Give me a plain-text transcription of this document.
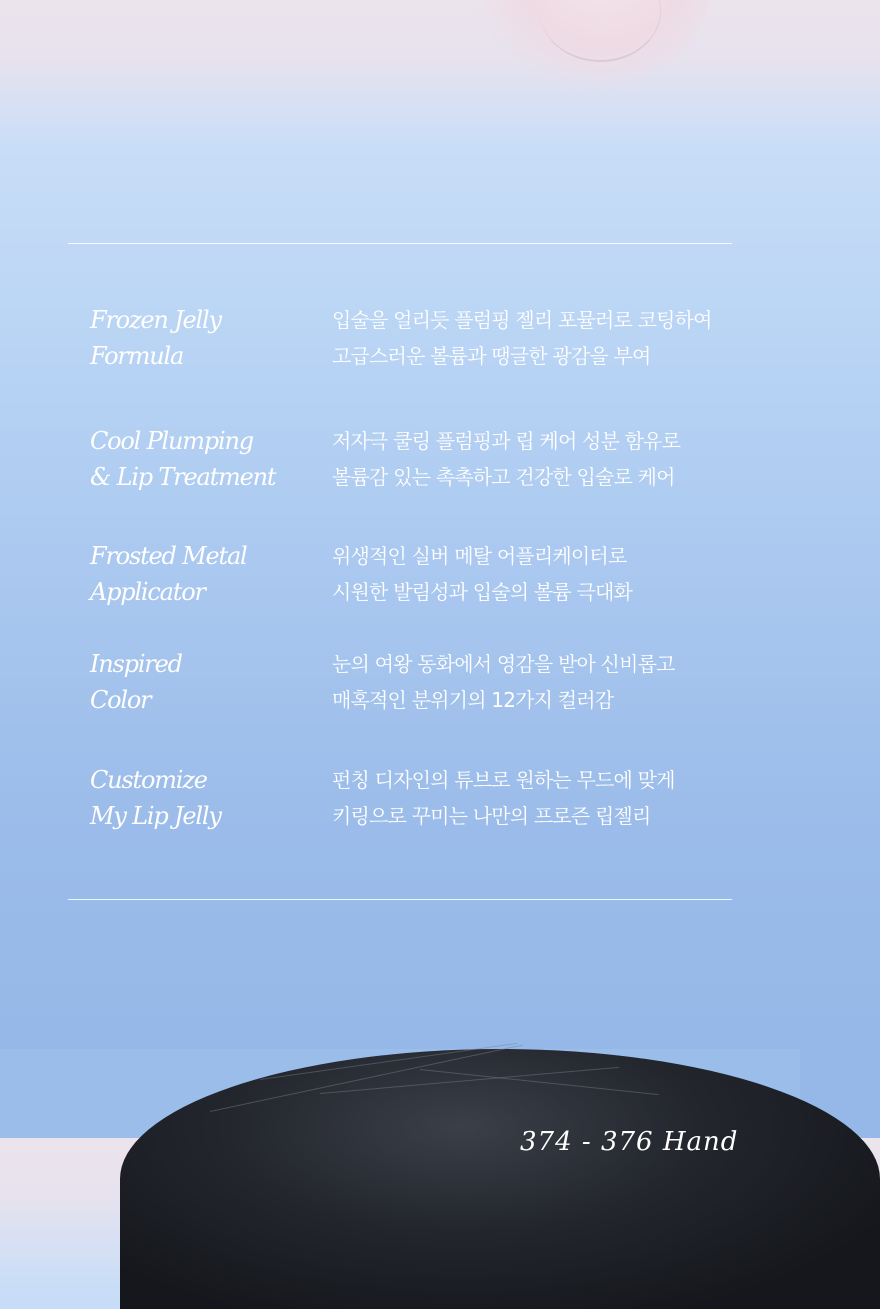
Frozen Jelly
Formula
입술을 얼리듯 플럼핑 젤리 포뮬러로 코팅하여
고급스러운 볼륨과 땡글한 광감을 부여
Cool Plumping
& Lip Treatment
저자극 쿨링 플럼핑과 립 케어 성분 함유로
볼륨감 있는 촉촉하고 건강한 입술로 케어
Frosted Metal
Applicator
위생적인 실버 메탈 어플리케이터로
시원한 발림성과 입술의 볼륨 극대화
Inspired
Color
눈의 여왕 동화에서 영감을 받아 신비롭고
매혹적인 분위기의 12가지 컬러감
Customize
My Lip Jelly
펀칭 디자인의 튜브로 원하는 무드에 맞게
키링으로 꾸미는 나만의 프로즌 립젤리
374 - 376 Hand
